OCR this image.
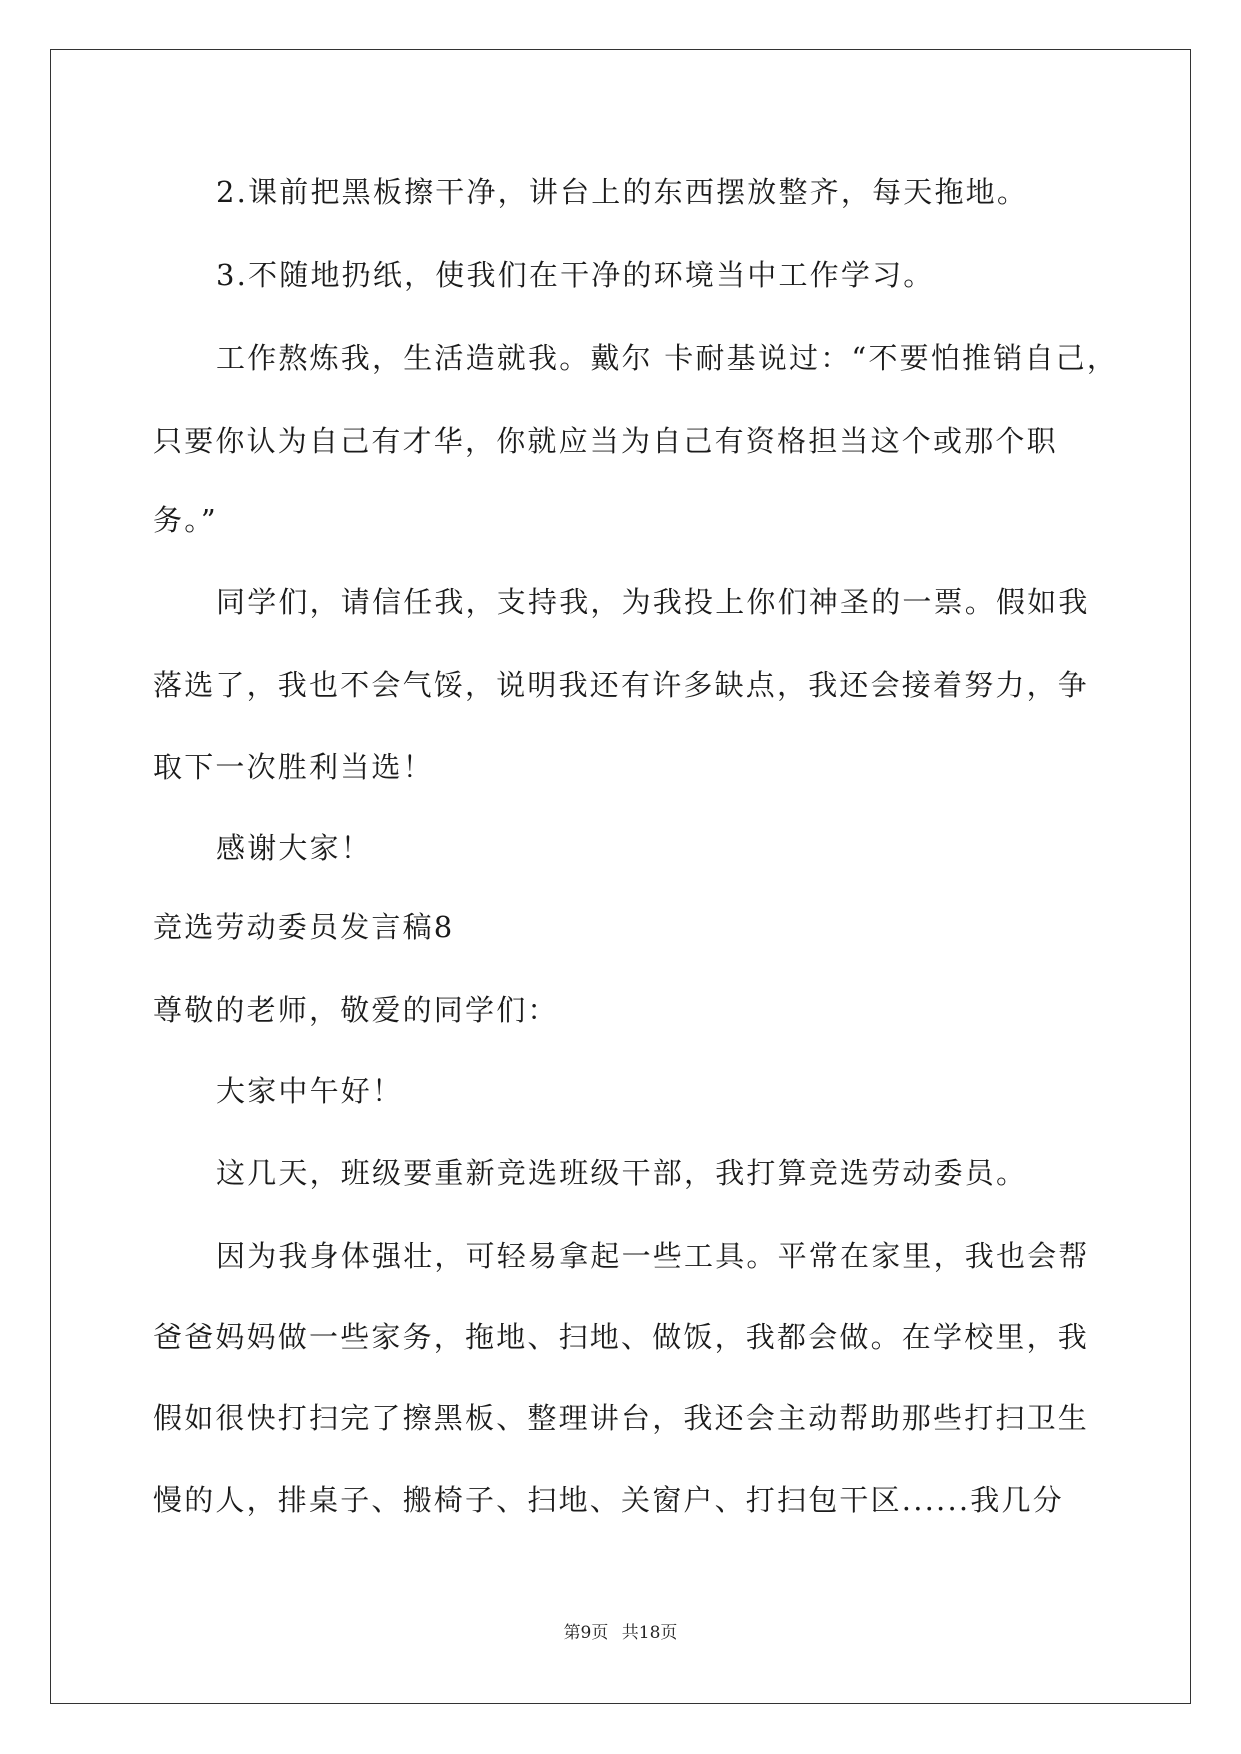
2.课前把黑板擦干净，讲台上的东西摆放整齐，每天拖地。
3.不随地扔纸，使我们在干净的环境当中工作学习。
工作熬炼我，生活造就我。戴尔 卡耐基说过：“不要怕推销自己，
只要你认为自己有才华，你就应当为自己有资格担当这个或那个职
务。”
同学们，请信任我，支持我，为我投上你们神圣的一票。假如我
落选了，我也不会气馁，说明我还有许多缺点，我还会接着努力，争
取下一次胜利当选！
感谢大家！
竞选劳动委员发言稿8
尊敬的老师，敬爱的同学们：
大家中午好！
这几天，班级要重新竞选班级干部，我打算竞选劳动委员。
因为我身体强壮，可轻易拿起一些工具。平常在家里，我也会帮
爸爸妈妈做一些家务，拖地、扫地、做饭，我都会做。在学校里，我
假如很快打扫完了擦黑板、整理讲台，我还会主动帮助那些打扫卫生
慢的人，排桌子、搬椅子、扫地、关窗户、打扫包干区......我几分
第9页 共18页
